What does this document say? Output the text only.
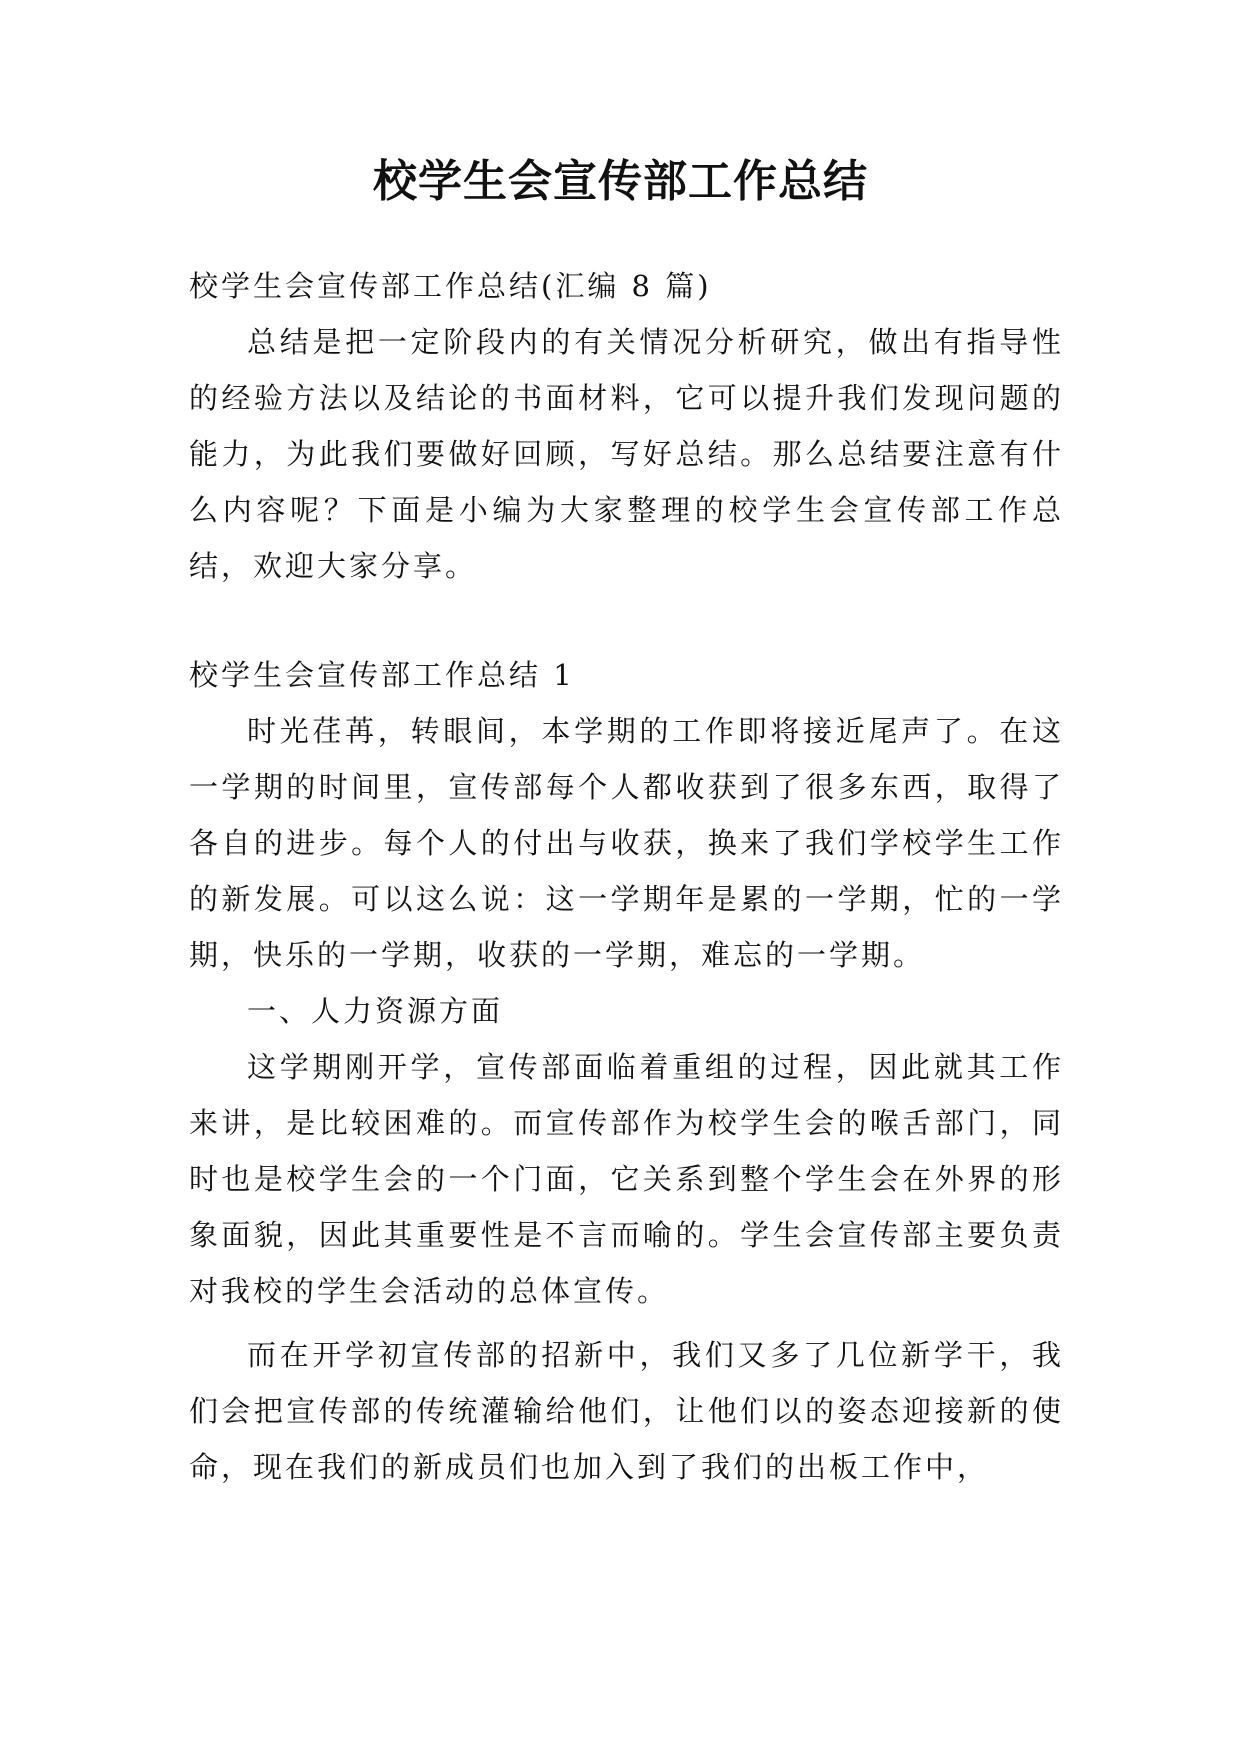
校学生会宣传部工作总结

校学生会宣传部工作总结(汇编 8 篇)

总结是把一定阶段内的有关情况分析研究，做出有指导性的经验方法以及结论的书面材料，它可以提升我们发现问题的能力，为此我们要做好回顾，写好总结。那么总结要注意有什么内容呢？下面是小编为大家整理的校学生会宣传部工作总结，欢迎大家分享。

校学生会宣传部工作总结 1

时光荏苒，转眼间，本学期的工作即将接近尾声了。在这一学期的时间里，宣传部每个人都收获到了很多东西，取得了各自的进步。每个人的付出与收获，换来了我们学校学生工作的新发展。可以这么说：这一学期年是累的一学期，忙的一学期，快乐的一学期，收获的一学期，难忘的一学期。

一、人力资源方面

这学期刚开学，宣传部面临着重组的过程，因此就其工作来讲，是比较困难的。而宣传部作为校学生会的喉舌部门，同时也是校学生会的一个门面，它关系到整个学生会在外界的形象面貌，因此其重要性是不言而喻的。学生会宣传部主要负责对我校的学生会活动的总体宣传。

而在开学初宣传部的招新中，我们又多了几位新学干，我们会把宣传部的传统灌输给他们，让他们以的姿态迎接新的使命，现在我们的新成员们也加入到了我们的出板工作中，
